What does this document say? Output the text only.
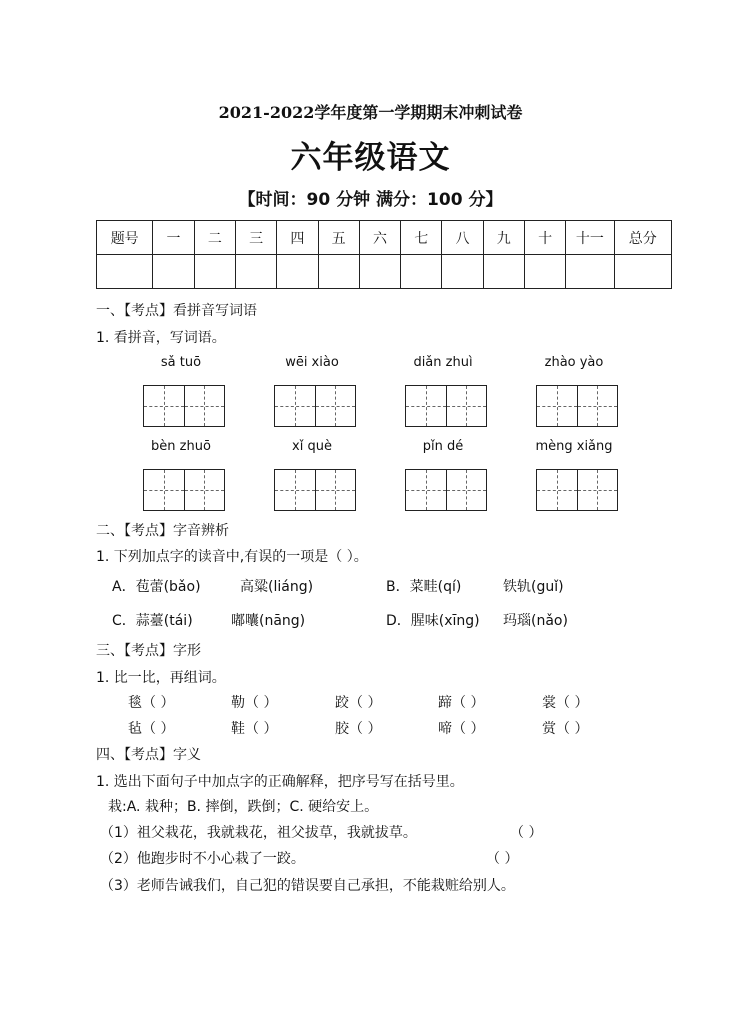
2021-2022学年度第一学期期末冲刺试卷
六年级语文
【时间：90 分钟 满分：100 分】
题号	一	二	三	四	五	六	七	八	九	十	十一	总分

一、【考点】看拼音写词语
1. 看拼音，写词语。
sǎ tuō	wēi xiào	diǎn zhuì	zhào yào
bèn zhuō	xǐ què	pǐn dé	mèng xiǎng
二、【考点】字音辨析
1. 下列加点字的读音中,有误的一项是（ ）。
A．苞蕾(bǎo)	高粱(liáng)	B．菜畦(qí)	铁轨(guǐ)
C．蒜薹(tái)	嘟囔(nāng)	D．腥味(xīng) 玛瑙(nǎo)
三、【考点】字形
1. 比一比，再组词。
毯（ ）	勒（ ）	跤（ ）	蹄（ ）	裳（ ）
毡（ ）	鞋（ ）	胶（ ）	啼（ ）	赏（ ）
四、【考点】字义
1. 选出下面句子中加点字的正确解释，把序号写在括号里。
栽:A. 栽种；B. 摔倒，跌倒；C. 硬给安上。
（1）祖父栽花，我就栽花，祖父拔草，我就拔草。	（ ）
（2）他跑步时不小心栽了一跤。	（ ）
（3）老师告诫我们，自己犯的错误要自己承担，不能栽赃给别人。
